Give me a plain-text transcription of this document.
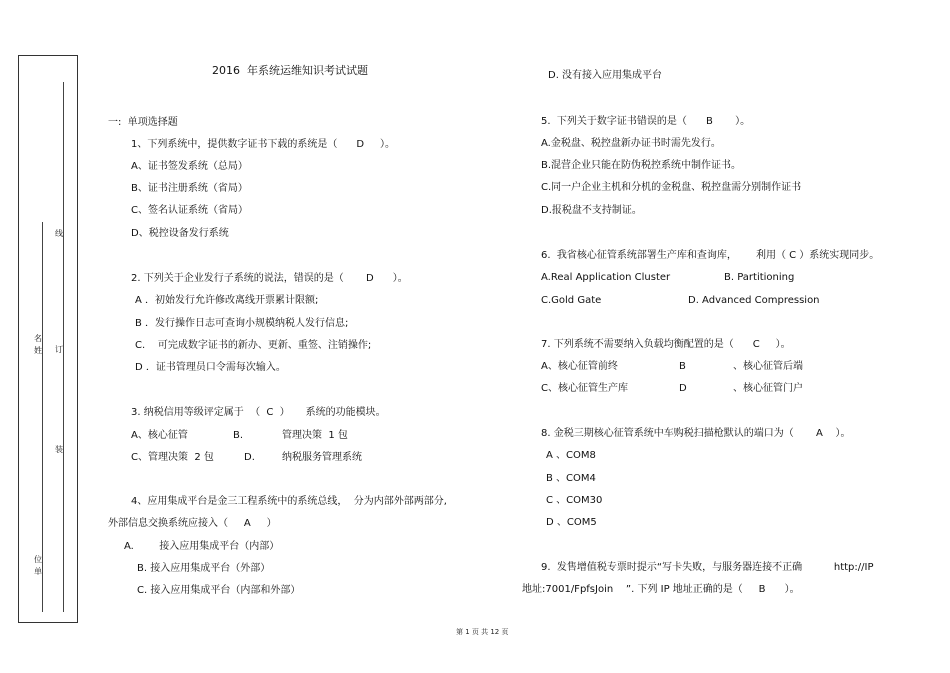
线
订
装
名
姓
位
单
2016  年系统运维知识考试试题
一:  单项选择题
1、下列系统中，提供数字证书下载的系统是（      D     ）。
A、证书签发系统（总局）
B、证书注册系统（省局）
C、签名认证系统（省局）
D、税控设备发行系统
2. 下列关于企业发行子系统的说法，错误的是（       D      ）。
A ．初始发行允许修改离线开票累计限额;
B ．发行操作日志可查询小规模纳税人发行信息;
C.    可完成数字证书的新办、更新、重签、注销操作;
D ．证书管理员口令需每次输入。
3. 纳税信用等级评定属于  （  C  ）     系统的功能模块。
A、核心征管	B.	管理决策  1 包
C、管理决策  2 包	D.	纳税服务管理系统
4、应用集成平台是金三工程系统中的系统总线，  分为内部外部两部分,
外部信息交换系统应接入（     A     ）
A.        接入应用集成平台（内部）
B. 接入应用集成平台（外部）
C. 接入应用集成平台（内部和外部）
D. 没有接入应用集成平台
5.  下列关于数字证书错误的是（      B       ）。
A.金税盘、税控盘新办证书时需先发行。
B.混营企业只能在防伪税控系统中制作证书。
C.同一户企业主机和分机的金税盘、税控盘需分别制作证书
D.报税盘不支持制证。
6.  我省核心征管系统部署生产库和查询库，      利用（ C ）系统实现同步。
A.Real Application Cluster	B. Partitioning
C.Gold Gate	D. Advanced Compression
7. 下列系统不需要纳入负载均衡配置的是（      C     ）。
A、核心征管前终	B	、核心征管后端
C、核心征管生产库	D	、核心征管门户
8. 金税三期核心征管系统中车购税扫描枪默认的端口为（       A    ）。
A 、COM8
B 、COM4
C 、COM30
D 、COM5
9.  发售增值税专票时提示“写卡失败，与服务器连接不正确          http://IP
地址:7001/FpfsJoin    ”. 下列 IP 地址正确的是（     B      ）。
第 1 页 共 12 页
